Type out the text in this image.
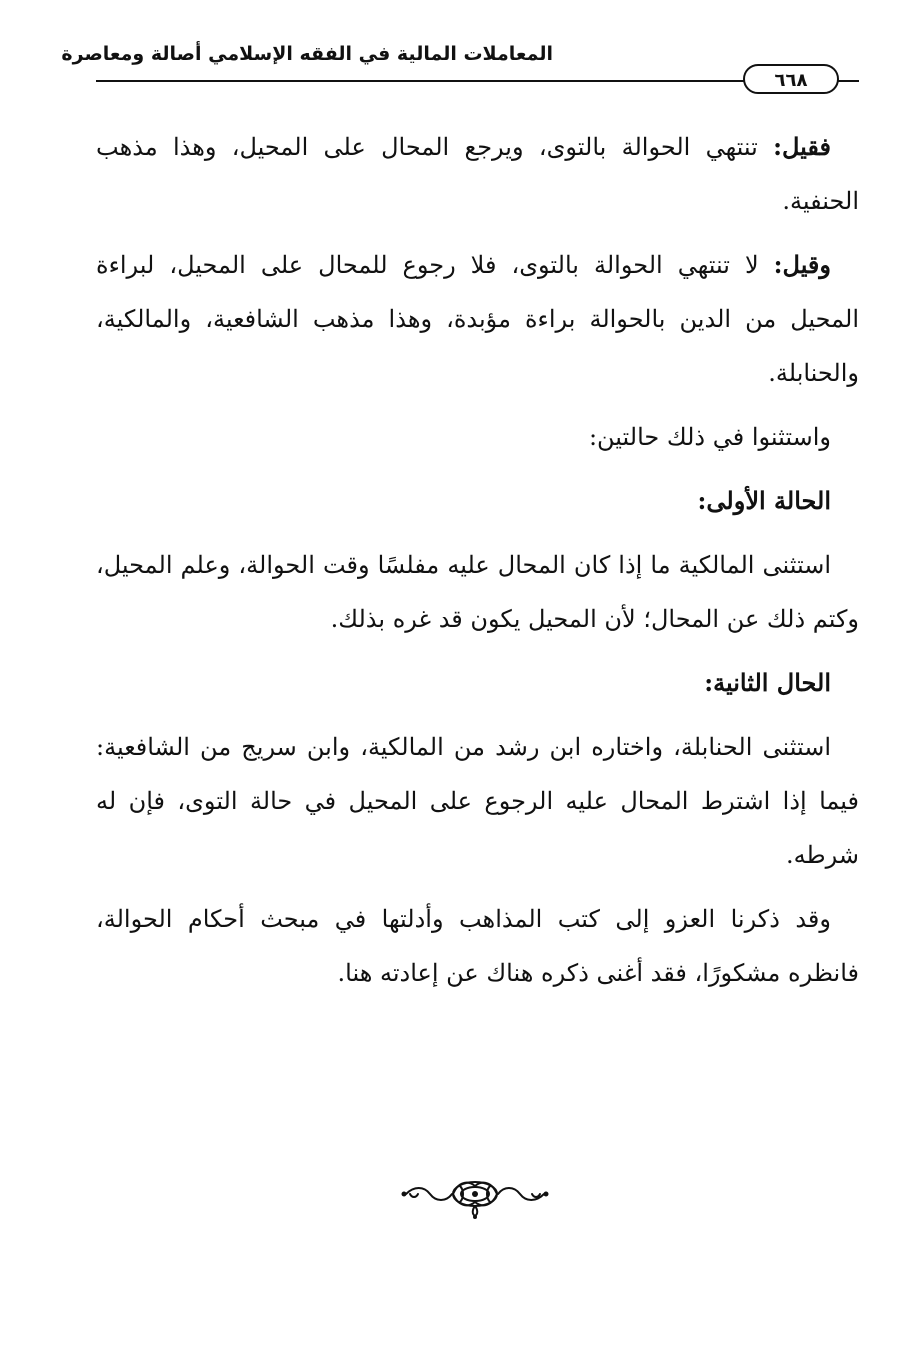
المعاملات المالية في الفقه الإسلامي أصالة ومعاصرة
٦٦٨

فقيل: تنتهي الحوالة بالتوى، ويرجع المحال على المحيل، وهذا مذهب الحنفية.

وقيل: لا تنتهي الحوالة بالتوى، فلا رجوع للمحال على المحيل، لبراءة المحيل من الدين بالحوالة براءة مؤبدة، وهذا مذهب الشافعية، والمالكية، والحنابلة.

واستثنوا في ذلك حالتين:

الحالة الأولى:

استثنى المالكية ما إذا كان المحال عليه مفلسًا وقت الحوالة، وعلم المحيل، وكتم ذلك عن المحال؛ لأن المحيل يكون قد غره بذلك.

الحال الثانية:

استثنى الحنابلة، واختاره ابن رشد من المالكية، وابن سريج من الشافعية: فيما إذا اشترط المحال عليه الرجوع على المحيل في حالة التوى، فإن له شرطه.

وقد ذكرنا العزو إلى كتب المذاهب وأدلتها في مبحث أحكام الحوالة، فانظره مشكورًا، فقد أغنى ذكره هناك عن إعادته هنا.
